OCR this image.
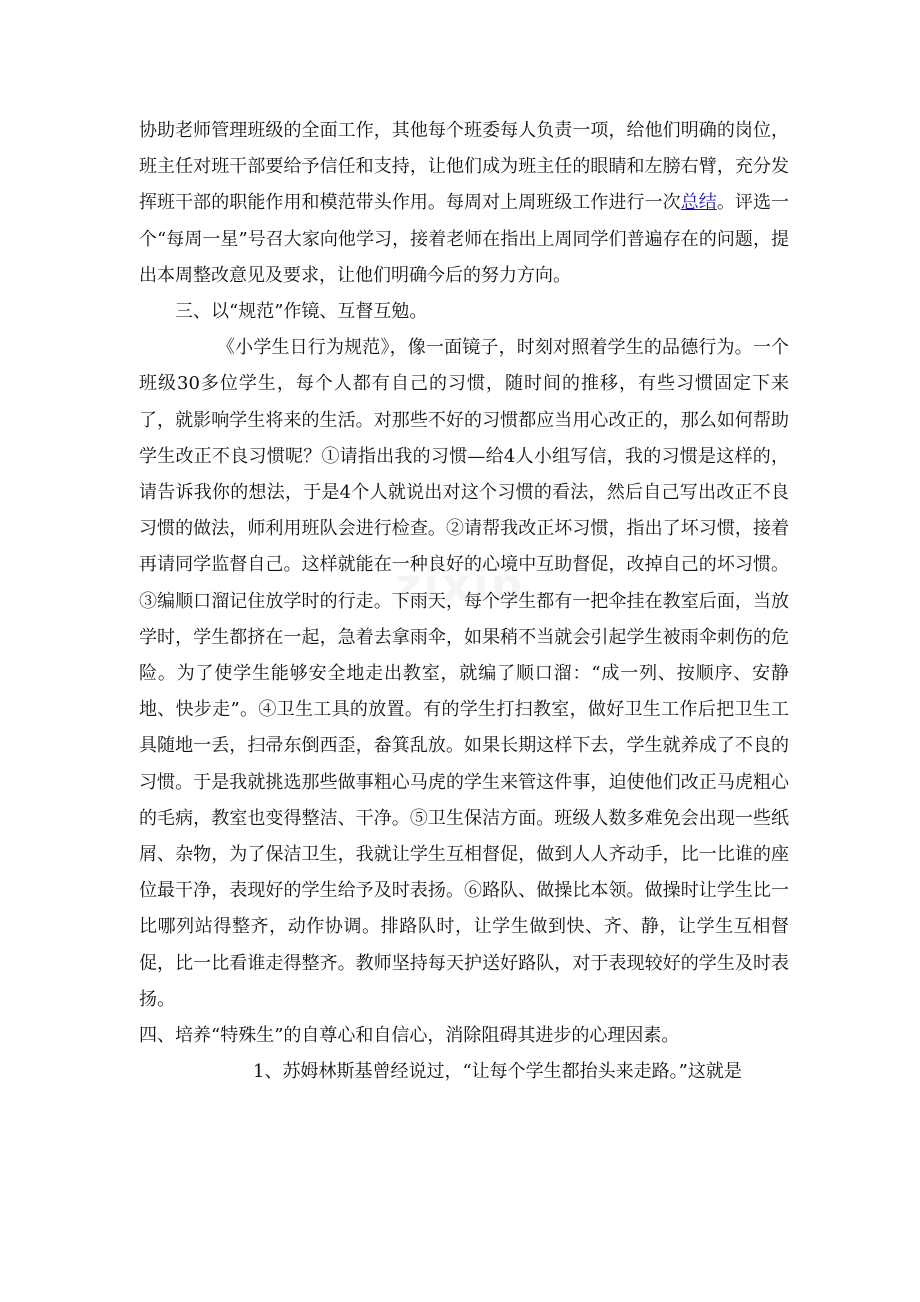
协助老师管理班级的全面工作，其他每个班委每人负责一项，给他们明确的岗位，班主任对班干部要给予信任和支持，让他们成为班主任的眼睛和左膀右臂，充分发挥班干部的职能作用和模范带头作用。每周对上周班级工作进行一次总结。评选一个“每周一星”号召大家向他学习，接着老师在指出上周同学们普遍存在的问题，提出本周整改意见及要求，让他们明确今后的努力方向。

三、以“规范”作镜、互督互勉。

《小学生日行为规范》，像一面镜子，时刻对照着学生的品德行为。一个班级30多位学生，每个人都有自己的习惯，随时间的推移，有些习惯固定下来了，就影响学生将来的生活。对那些不好的习惯都应当用心改正的，那么如何帮助学生改正不良习惯呢？①请指出我的习惯—给4人小组写信，我的习惯是这样的，请告诉我你的想法，于是4个人就说出对这个习惯的看法，然后自己写出改正不良习惯的做法，师利用班队会进行检查。②请帮我改正坏习惯，指出了坏习惯，接着再请同学监督自己。这样就能在一种良好的心境中互助督促，改掉自己的坏习惯。③编顺口溜记住放学时的行走。下雨天，每个学生都有一把伞挂在教室后面，当放学时，学生都挤在一起，急着去拿雨伞，如果稍不当就会引起学生被雨伞刺伤的危险。为了使学生能够安全地走出教室，就编了顺口溜：“成一列、按顺序、安静地、快步走”。④卫生工具的放置。有的学生打扫教室，做好卫生工作后把卫生工具随地一丢，扫帚东倒西歪，畚箕乱放。如果长期这样下去，学生就养成了不良的习惯。于是我就挑选那些做事粗心马虎的学生来管这件事，迫使他们改正马虎粗心的毛病，教室也变得整洁、干净。⑤卫生保洁方面。班级人数多难免会出现一些纸屑、杂物，为了保洁卫生，我就让学生互相督促，做到人人齐动手，比一比谁的座位最干净，表现好的学生给予及时表扬。⑥路队、做操比本领。做操时让学生比一比哪列站得整齐，动作协调。排路队时，让学生做到快、齐、静，让学生互相督促，比一比看谁走得整齐。教师坚持每天护送好路队，对于表现较好的学生及时表扬。

四、培养“特殊生”的自尊心和自信心，消除阻碍其进步的心理因素。

1、苏姆林斯基曾经说过，“让每个学生都抬头来走路。”这就是
